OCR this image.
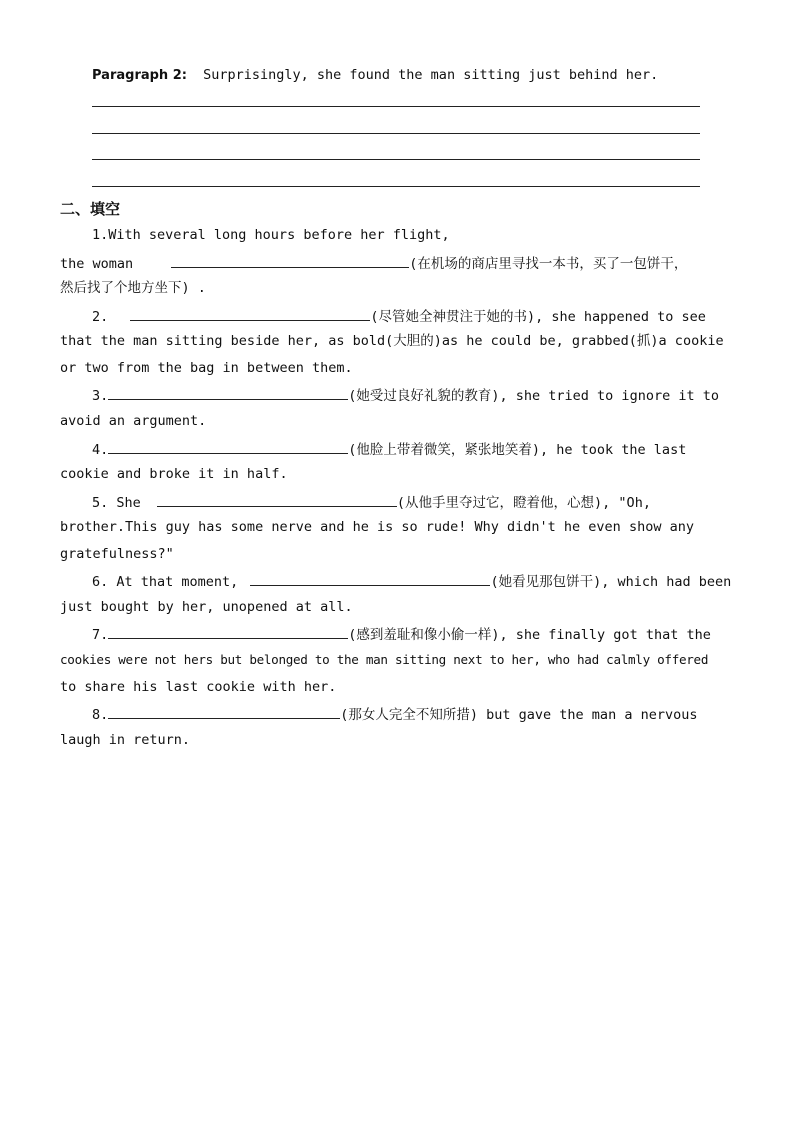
Paragraph 2: Surprisingly, she found the man sitting just behind her.
二、填空
1.With several long hours before her flight,
the woman	(在机场的商店里寻找一本书，买了一包饼干，
然后找了个地方坐下) .
2.	(尽管她全神贯注于她的书), she happened to see
that the man sitting beside her, as bold(大胆的)as he could be, grabbed(抓)a cookie
or two from the bag in between them.
3.	(她受过良好礼貌的教育), she tried to ignore it to
avoid an argument.
4.	(他脸上带着微笑，紧张地笑着), he took the last
cookie and broke it in half.
5. She	(从他手里夺过它，瞪着他，心想), "Oh,
brother.This guy has some nerve and he is so rude! Why didn't he even show any
gratefulness?"
6. At that moment,	(她看见那包饼干), which had been
just bought by her, unopened at all.
7.	(感到羞耻和像小偷一样), she finally got that the
cookies were not hers but belonged to the man sitting next to her, who had calmly offered
to share his last cookie with her.
8.	(那女人完全不知所措) but gave the man a nervous
laugh in return.
